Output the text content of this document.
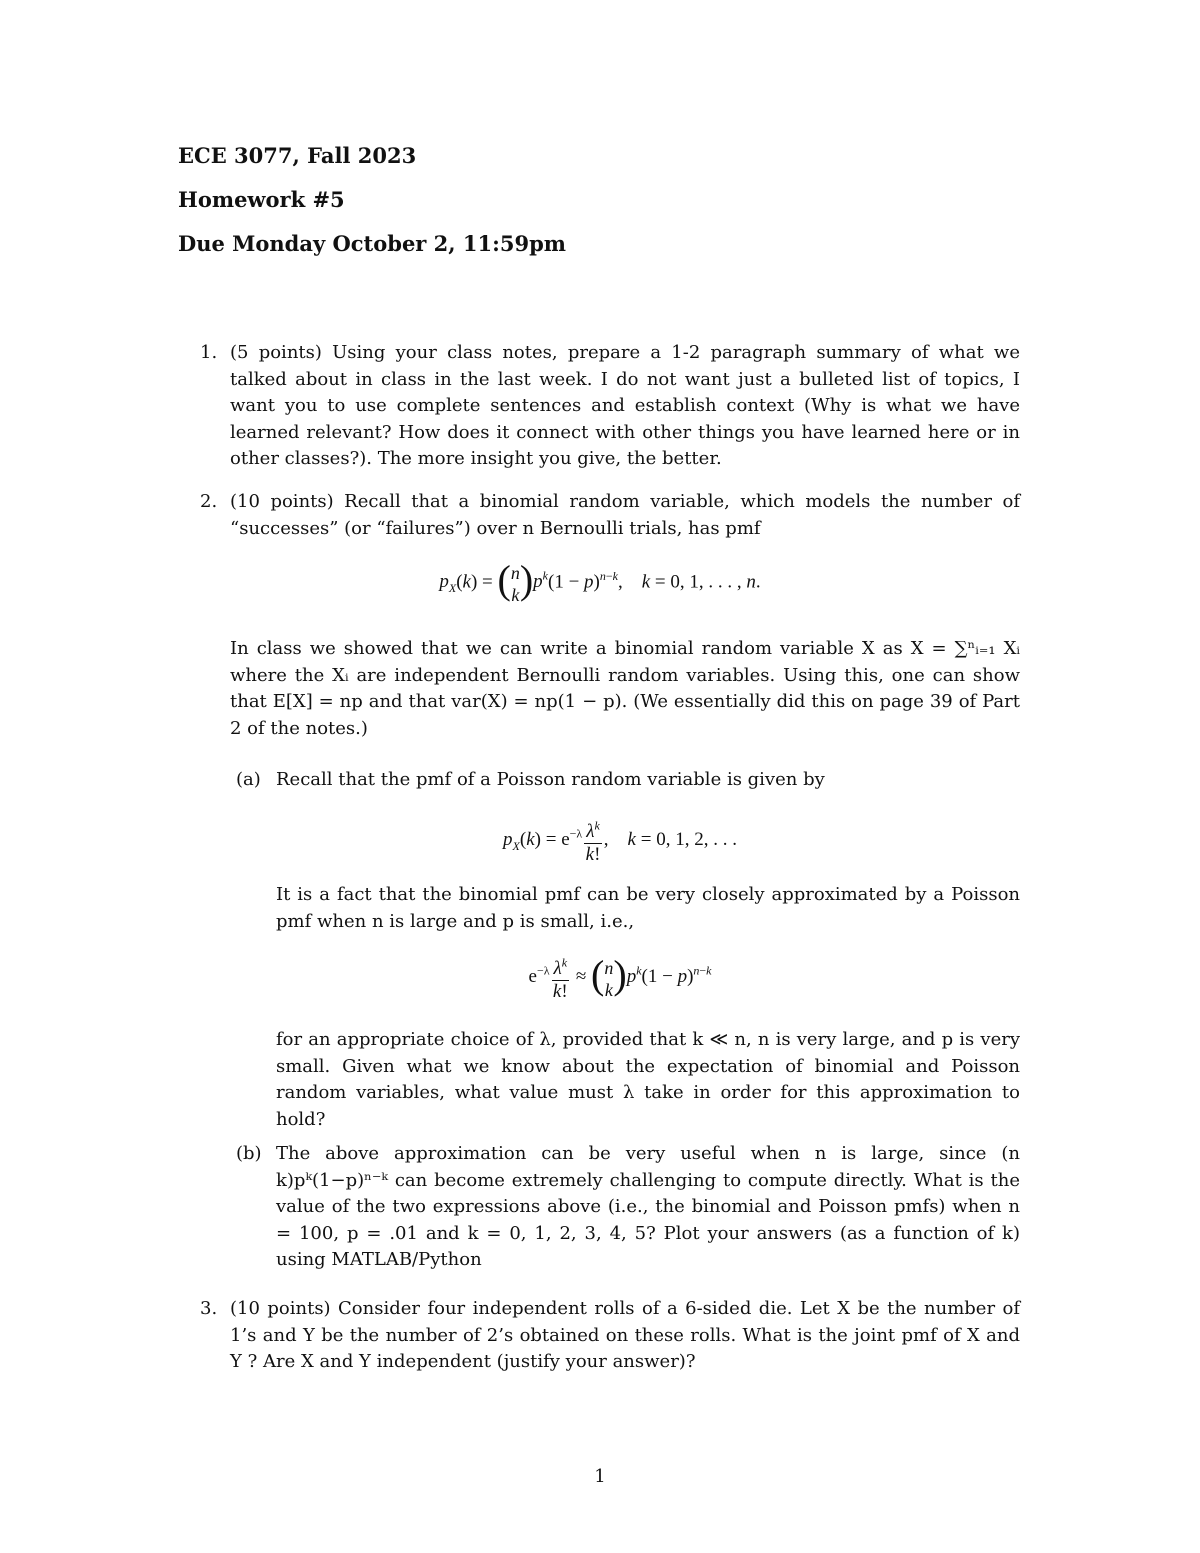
ECE 3077, Fall 2023
Homework #5
Due Monday October 2, 11:59pm
1. (5 points) Using your class notes, prepare a 1-2 paragraph summary of what we talked about in class in the last week. I do not want just a bulleted list of topics, I want you to use complete sentences and establish context (Why is what we have learned relevant? How does it connect with other things you have learned here or in other classes?). The more insight you give, the better.
2. (10 points) Recall that a binomial random variable, which models the number of “successes” (or “failures”) over n Bernoulli trials, has pmf
$p_X(k)$ = ( n
k )$p^k(1 - p)^{n-k}$,    k = 0, 1, . . . , n.
In class we showed that we can write a binomial random variable X as X = ∑ⁿᵢ₌₁ Xᵢ where the Xᵢ are independent Bernoulli random variables. Using this, one can show that E[X] = np and that var(X) = np(1 − p). (We essentially did this on page 39 of Part 2 of the notes.)
(a) Recall that the pmf of a Poisson random variable is given by
$p_X(k) = e^{-\lambda} \frac{\lambda^k}{k!}$ ,    k = 0, 1, 2, . . .
It is a fact that the binomial pmf can be very closely approximated by a Poisson pmf when n is large and p is small, i.e.,
$e^{-\lambda} \frac{\lambda^k}{k!}$ ≈ ( n
k )$p^k(1 - p)^{n-k}$
for an appropriate choice of λ, provided that k ≪ n, n is very large, and p is very small. Given what we know about the expectation of binomial and Poisson random variables, what value must λ take in order for this approximation to hold?
(b) The above approximation can be very useful when n is large, since (n k)pᵏ(1−p)ⁿ⁻ᵏ can become extremely challenging to compute directly. What is the value of the two expressions above (i.e., the binomial and Poisson pmfs) when n = 100, p = .01 and k = 0, 1, 2, 3, 4, 5? Plot your answers (as a function of k) using MATLAB/Python
3. (10 points) Consider four independent rolls of a 6-sided die. Let X be the number of 1’s and Y be the number of 2’s obtained on these rolls. What is the joint pmf of X and Y ? Are X and Y independent (justify your answer)?
1
